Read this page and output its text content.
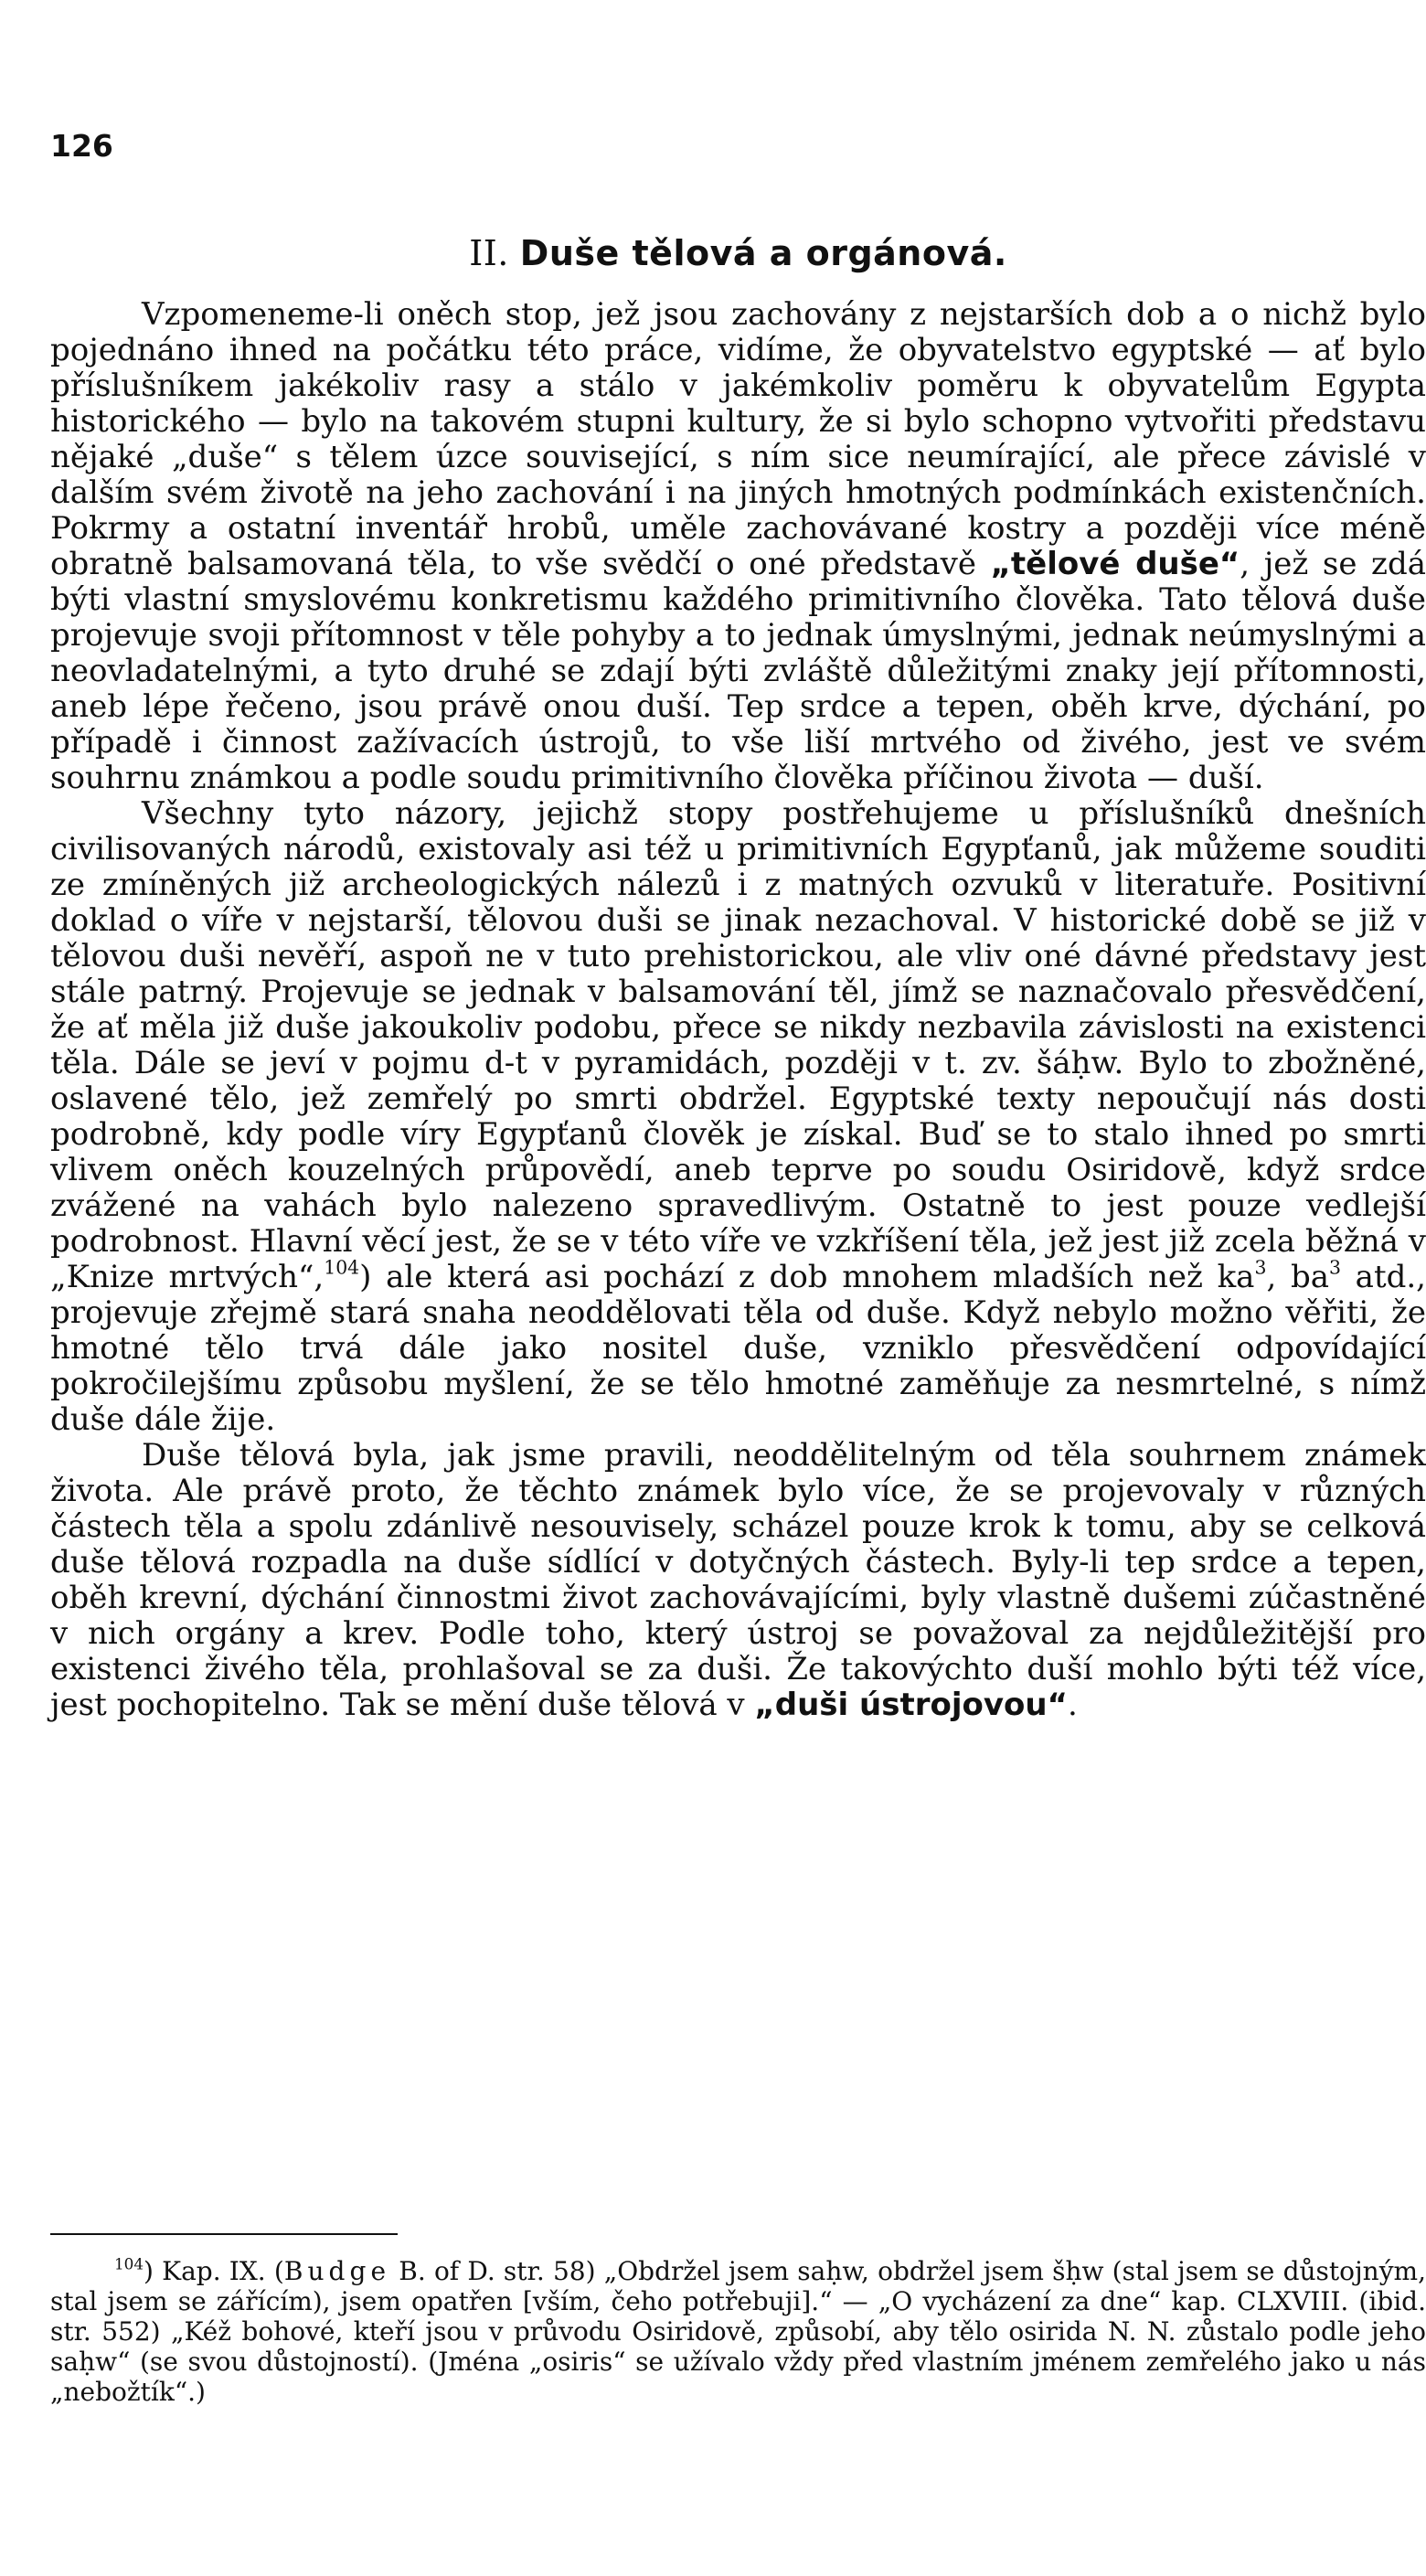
126

II. Duše tělová a orgánová.

Vzpomeneme-li oněch stop, jež jsou zachovány z nejstarších dob a o nichž bylo pojednáno ihned na počátku této práce, vidíme, že obyvatelstvo egyptské — ať bylo příslušníkem jakékoliv rasy a stálo v jakémkoliv poměru k obyvatelům Egypta historického — bylo na takovém stupni kultury, že si bylo schopno vytvořiti představu nějaké „duše“ s tělem úzce související, s ním sice neumírající, ale přece závislé v dalším svém životě na jeho zachování i na jiných hmotných podmínkách existenčních. Pokrmy a ostatní inventář hrobů, uměle zachovávané kostry a později více méně obratně balsamovaná těla, to vše svědčí o oné představě „tělové duše“, jež se zdá býti vlastní smyslovému konkretismu každého primitivního člověka. Tato tělová duše projevuje svoji přítomnost v těle pohyby a to jednak úmyslnými, jednak neúmyslnými a neovladatelnými, a tyto druhé se zdají býti zvláště důležitými znaky její přítomnosti, aneb lépe řečeno, jsou právě onou duší. Tep srdce a tepen, oběh krve, dýchání, po případě i činnost zažívacích ústrojů, to vše liší mrtvého od živého, jest ve svém souhrnu známkou a podle soudu primitivního člověka příčinou života — duší.

Všechny tyto názory, jejichž stopy postřehujeme u příslušníků dnešních civilisovaných národů, existovaly asi též u primitivních Egypťanů, jak můžeme souditi ze zmíněných již archeologických nálezů i z matných ozvuků v literatuře. Positivní doklad o víře v nejstarší, tělovou duši se jinak nezachoval. V historické době se již v tělovou duši nevěří, aspoň ne v tuto prehistorickou, ale vliv oné dávné představy jest stále patrný. Projevuje se jednak v balsamování těl, jímž se naznačovalo přesvědčení, že ať měla již duše jakoukoliv podobu, přece se nikdy nezbavila závislosti na existenci těla. Dále se jeví v pojmu d-t v pyramidách, později v t. zv. šáḥw. Bylo to zbožněné, oslavené tělo, jež zemřelý po smrti obdržel. Egyptské texty nepoučují nás dosti podrobně, kdy podle víry Egypťanů člověk je získal. Buď se to stalo ihned po smrti vlivem oněch kouzelných průpovědí, aneb teprve po soudu Osiridově, když srdce zvážené na vahách bylo nalezeno spravedlivým. Ostatně to jest pouze vedlejší podrobnost. Hlavní věcí jest, že se v této víře ve vzkříšení těla, jež jest již zcela běžná v „Knize mrtvých“,$^{104}$) ale která asi pochází z dob mnohem mladších než $ka^3$, $ba^3$ atd., projevuje zřejmě stará snaha neoddělovati těla od duše. Když nebylo možno věřiti, že hmotné tělo trvá dále jako nositel duše, vzniklo přesvědčení odpovídající pokročilejšímu způsobu myšlení, že se tělo hmotné zaměňuje za nesmrtelné, s nímž duše dále žije.

Duše tělová byla, jak jsme pravili, neoddělitelným od těla souhrnem známek života. Ale právě proto, že těchto známek bylo více, že se projevovaly v různých částech těla a spolu zdánlivě nesouvisely, scházel pouze krok k tomu, aby se celková duše tělová rozpadla na duše sídlící v dotyčných částech. Byly-li tep srdce a tepen, oběh krevní, dýchání činnostmi život zachovávajícími, byly vlastně dušemi zúčastněné v nich orgány a krev. Podle toho, který ústroj se považoval za nejdůležitější pro existenci živého těla, prohlašoval se za duši. Že takovýchto duší mohlo býti též více, jest pochopitelno. Tak se mění duše tělová v „duši ústrojovou“.

$^{104}$) Kap. IX. (Budge B. of D. str. 58) „Obdržel jsem saḥw, obdržel jsem šḥw (stal jsem se důstojným, stal jsem se zářícím), jsem opatřen [vším, čeho potřebuji].“ — „O vycházení za dne“ kap. CLXVIII. (ibid. str. 552) „Kéž bohové, kteří jsou v průvodu Osiridově, způsobí, aby tělo osirida N. N. zůstalo podle jeho saḥw“ (se svou důstojností). (Jména „osiris“ se užívalo vždy před vlastním jménem zemřelého jako u nás „nebožtík“.)
